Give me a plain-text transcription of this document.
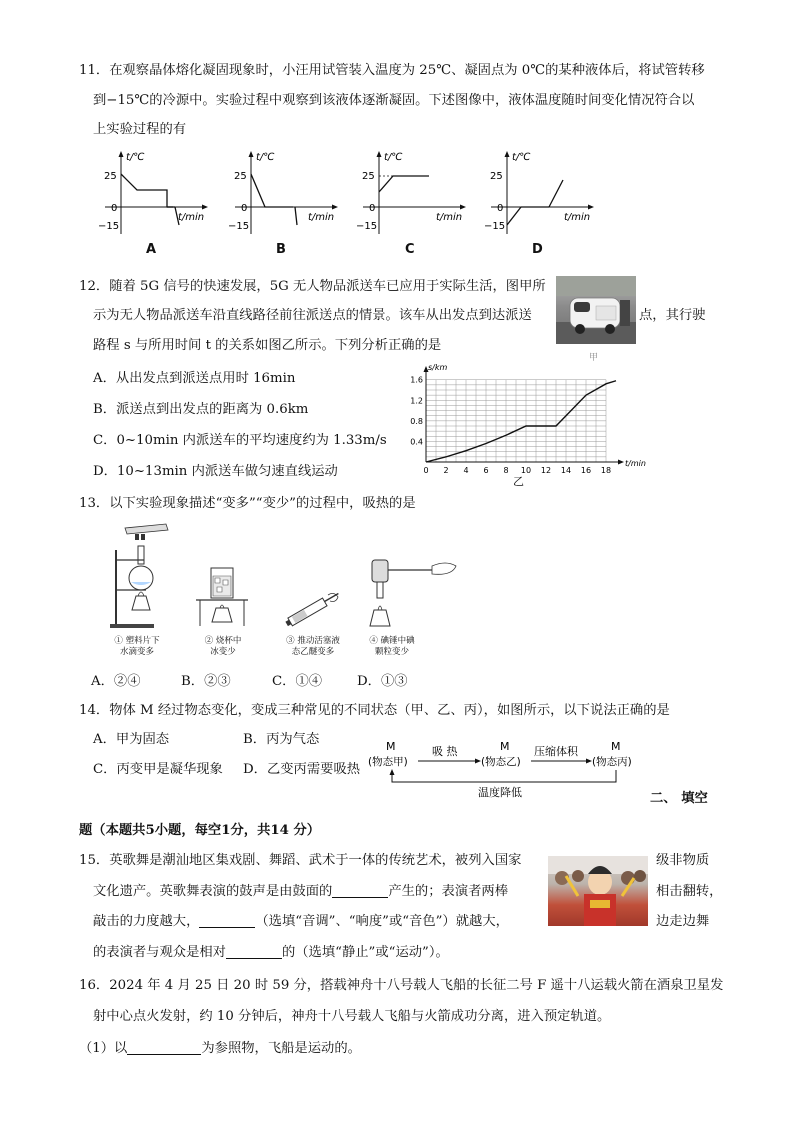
11．在观察晶体熔化凝固现象时，小汪用试管装入温度为 25℃、凝固点为 0℃的某种液体后，将试管转移
到−15℃的冷源中。实验过程中观察到该液体逐渐凝固。下述图像中，液体温度随时间变化情况符合以
上实验过程的有
t/℃
25
0
−15
t/min
A
t/℃
25
0
−15
t/min
B
t/℃
25
0
−15
t/min
C
t/℃
25
0
−15
t/min
D
12．随着 5G 信号的快速发展，5G 无人物品派送车已应用于实际生活，图甲所
示为无人物品派送车沿直线路径前往派送点的情景。该车从出发点到达派送	点，其行驶
路程 s 与所用时间 t 的关系如图乙所示。下列分析正确的是
甲
A．从出发点到派送点用时 16min
B．派送点到出发点的距离为 0.6km
C．0~10min 内派送车的平均速度约为 1.33m/s
D．10~13min 内派送车做匀速直线运动	0 2 4 6 8 10 12 14 16 18
0.4
0.8
1.2
1.6
s/km
t/min
乙
13．以下实验现象描述“变多”“变少”的过程中，吸热的是
① 塑料片下
水滴变多
② 烧杯中
冰变少
③ 推动活塞液
态乙醚变多
④ 碘锤中碘
颗粒变少
A．②④	B．②③	C．①④	D．①③
14．物体 M 经过物态变化，变成三种常见的不同状态（甲、乙、丙），如图所示，以下说法正确的是
A．甲为固态	B．丙为气态
C．丙变甲是凝华现象 D．乙变丙需要吸热
M
(物态甲)
M
(物态乙)
M
(物态丙)
吸 热	压缩体积
温度降低	二、 填空
题（本题共5小题，每空1分，共14 分）
15．英歌舞是潮汕地区集戏剧、舞蹈、武术于一体的传统艺术，被列入国家	级非物质
文化遗产。英歌舞表演的鼓声是由鼓面的	产生的；表演者两棒	相击翻转，
敲击的力度越大，	（选填“音调”、“响度”或“音色”）就越大，	边走边舞
的表演者与观众是相对	的（选填“静止”或“运动”）。
16．2024 年 4 月 25 日 20 时 59 分，搭载神舟十八号载人飞船的长征二号 F 遥十八运载火箭在酒泉卫星发
射中心点火发射，约 10 分钟后，神舟十八号载人飞船与火箭成功分离，进入预定轨道。
（1）以	为参照物，飞船是运动的。
